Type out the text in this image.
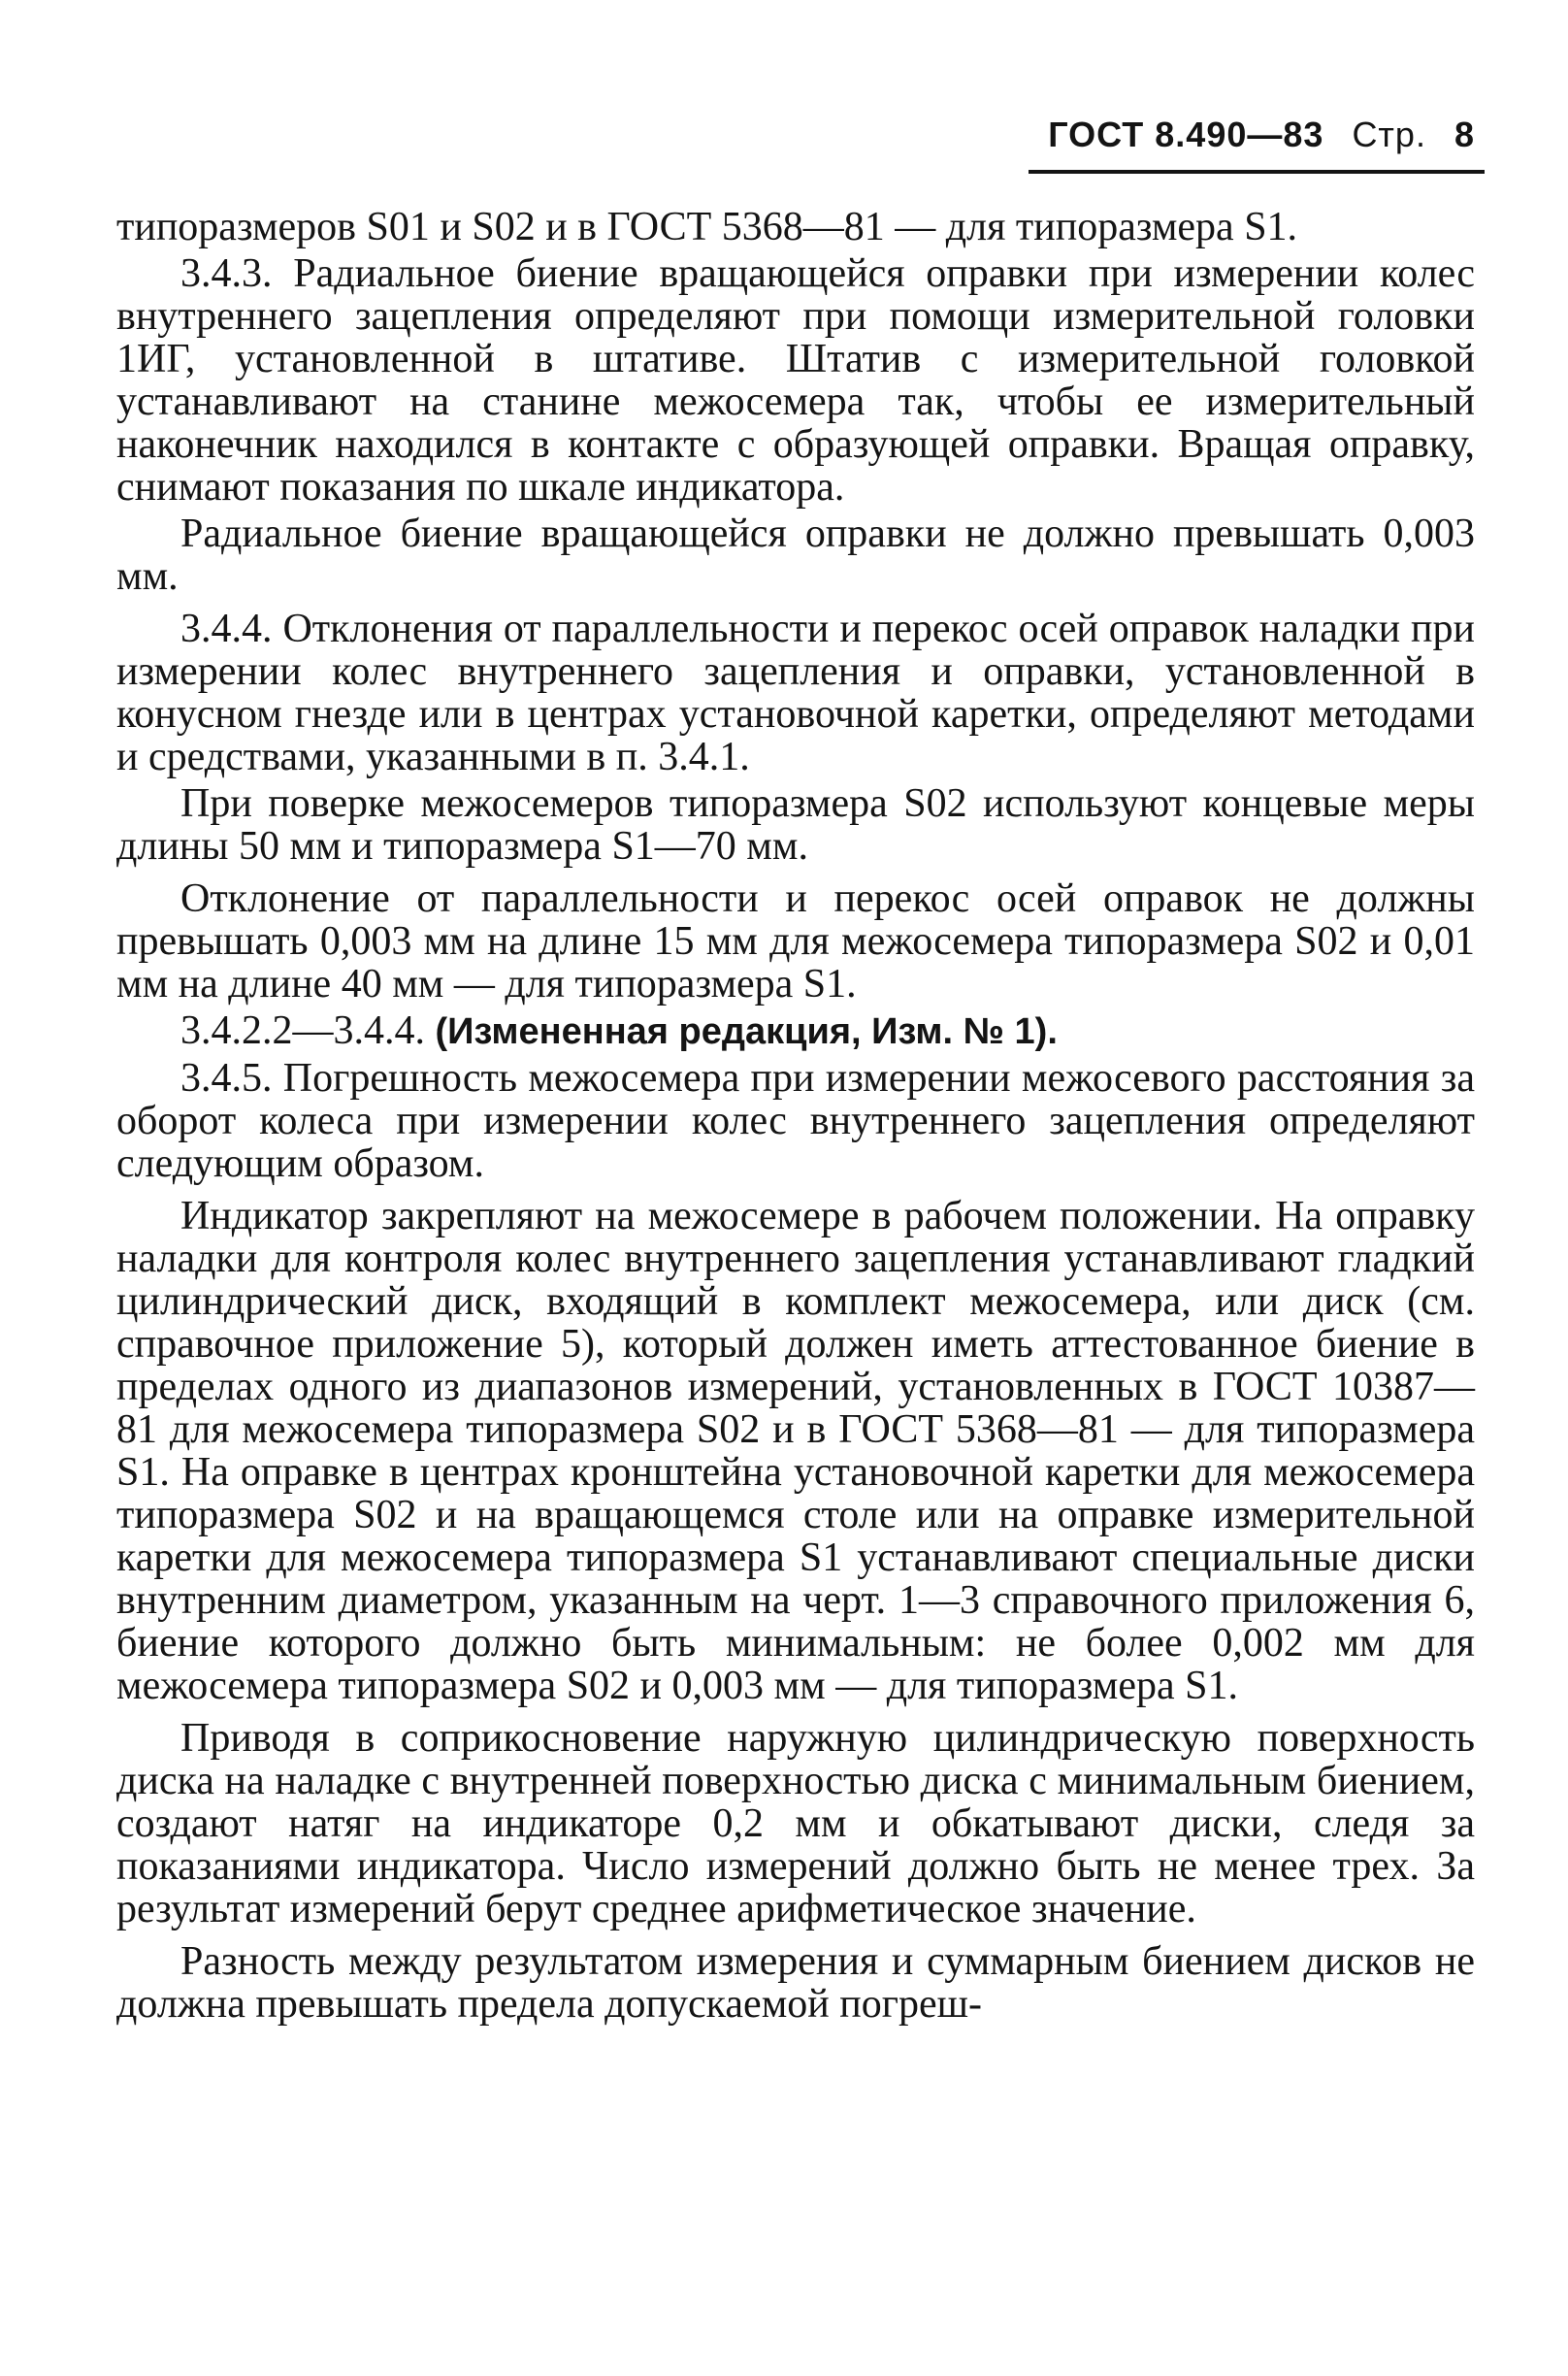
ГОСТ 8.490—83 Стр. 8

типоразмеров S01 и S02 и в ГОСТ 5368—81 — для типоразмера S1.

3.4.3. Радиальное биение вращающейся оправки при измерении колес внутреннего зацепления определяют при помощи измерительной головки 1ИГ, установленной в штативе. Штатив с измерительной головкой устанавливают на станине межосемера так, чтобы ее измерительный наконечник находился в контакте с образующей оправки. Вращая оправку, снимают показания по шкале индикатора.

Радиальное биение вращающейся оправки не должно превышать 0,003 мм.

3.4.4. Отклонения от параллельности и перекос осей оправок наладки при измерении колес внутреннего зацепления и оправки, установленной в конусном гнезде или в центрах установочной каретки, определяют методами и средствами, указанными в п. 3.4.1.

При поверке межосемеров типоразмера S02 используют концевые меры длины 50 мм и типоразмера S1—70 мм.

Отклонение от параллельности и перекос осей оправок не должны превышать 0,003 мм на длине 15 мм для межосемера типоразмера S02 и 0,01 мм на длине 40 мм — для типоразмера S1.

3.4.2.2—3.4.4. (Измененная редакция, Изм. № 1).

3.4.5. Погрешность межосемера при измерении межосевого расстояния за оборот колеса при измерении колес внутреннего зацепления определяют следующим образом.

Индикатор закрепляют на межосемере в рабочем положении. На оправку наладки для контроля колес внутреннего зацепления устанавливают гладкий цилиндрический диск, входящий в комплект межосемера, или диск (см. справочное приложение 5), который должен иметь аттестованное биение в пределах одного из диапазонов измерений, установленных в ГОСТ 10387—81 для межосемера типоразмера S02 и в ГОСТ 5368—81 — для типоразмера S1. На оправке в центрах кронштейна установочной каретки для межосемера типоразмера S02 и на вращающемся столе или на оправке измерительной каретки для межосемера типоразмера S1 устанавливают специальные диски внутренним диаметром, указанным на черт. 1—3 справочного приложения 6, биение которого должно быть минимальным: не более 0,002 мм для межосемера типоразмера S02 и 0,003 мм — для типоразмера S1.

Приводя в соприкосновение наружную цилиндрическую поверхность диска на наладке с внутренней поверхностью диска с минимальным биением, создают натяг на индикаторе 0,2 мм и обкатывают диски, следя за показаниями индикатора. Число измерений должно быть не менее трех. За результат измерений берут среднее арифметическое значение.

Разность между результатом измерения и суммарным биением дисков не должна превышать предела допускаемой погреш-
